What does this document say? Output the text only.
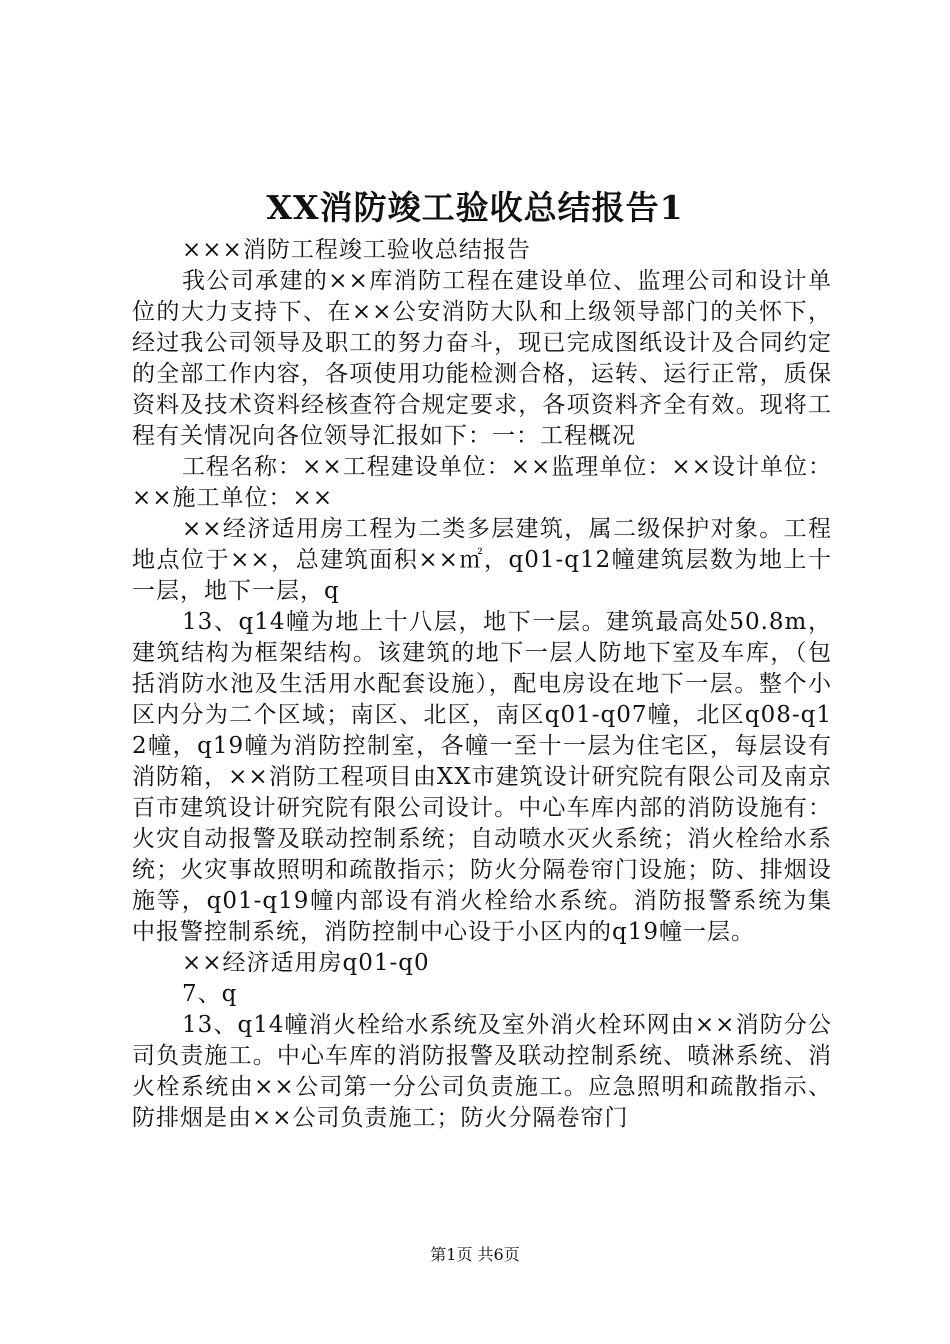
XX消防竣工验收总结报告1

×××消防工程竣工验收总结报告

我公司承建的××库消防工程在建设单位、监理公司和设计单位的大力支持下、在××公安消防大队和上级领导部门的关怀下，经过我公司领导及职工的努力奋斗，现已完成图纸设计及合同约定的全部工作内容，各项使用功能检测合格，运转、运行正常，质保资料及技术资料经核查符合规定要求，各项资料齐全有效。现将工程有关情况向各位领导汇报如下：一：工程概况

工程名称：××工程建设单位：××监理单位：××设计单位：××施工单位：××

××经济适用房工程为二类多层建筑，属二级保护对象。工程地点位于××，总建筑面积××㎡，q01-q12幢建筑层数为地上十一层，地下一层，q

13、q14幢为地上十八层，地下一层。建筑最高处50.8m，建筑结构为框架结构。该建筑的地下一层人防地下室及车库，（包括消防水池及生活用水配套设施），配电房设在地下一层。整个小区内分为二个区域；南区、北区，南区q01-q07幢，北区q08-q12幢，q19幢为消防控制室，各幢一至十一层为住宅区，每层设有消防箱，××消防工程项目由XX市建筑设计研究院有限公司及南京百市建筑设计研究院有限公司设计。中心车库内部的消防设施有：火灾自动报警及联动控制系统；自动喷水灭火系统；消火栓给水系统；火灾事故照明和疏散指示；防火分隔卷帘门设施；防、排烟设施等，q01-q19幢内部设有消火栓给水系统。消防报警系统为集中报警控制系统，消防控制中心设于小区内的q19幢一层。

××经济适用房q01-q0

7、q

13、q14幢消火栓给水系统及室外消火栓环网由××消防分公司负责施工。中心车库的消防报警及联动控制系统、喷淋系统、消火栓系统由××公司第一分公司负责施工。应急照明和疏散指示、防排烟是由××公司负责施工；防火分隔卷帘门

第1页 共6页
